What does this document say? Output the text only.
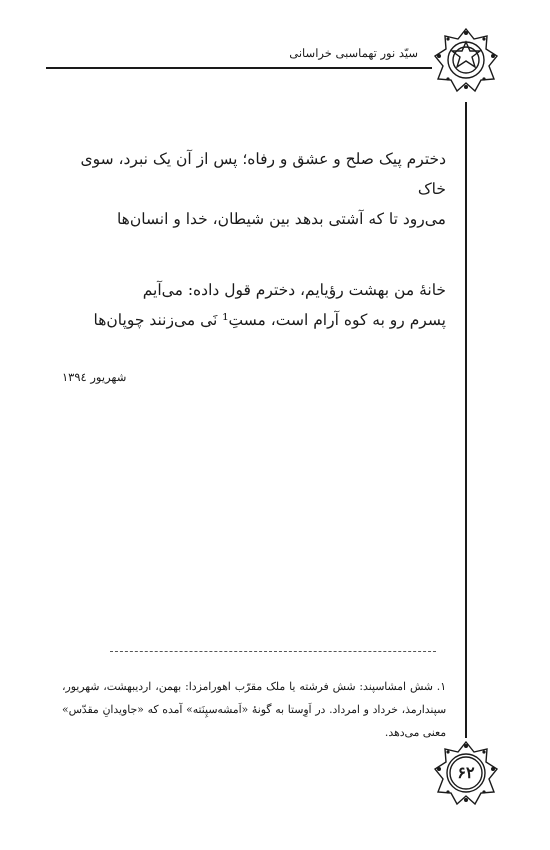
سیّد نور تهماسبی خراسانی
۶۲

دخترم پیک صلح و عشق و رفاه؛ پس از آن یک نبرد، سوی خاک

می‌رود تا که آشتی بدهد بین شیطان، خدا و انسان‌ها

خانهٔ من بهشت رؤیایم، دخترم قول داده: می‌آیم

پسرم رو به کوه آرام است، مستِ¹ نَی می‌زنند چوپان‌ها

شهریور ۱۳۹٤

۱. شش امشاسپند: شش فرشته یا ملک مقرّب اهورامزدا: بهمن، اردیبهشت، شهریور، سپندارمذ، خرداد و امرداد. در اَوِستا به گونهٔ «اَمشه‌سپِنَته» آمده که «جاویدانِ مقدّس» معنی می‌دهد.
